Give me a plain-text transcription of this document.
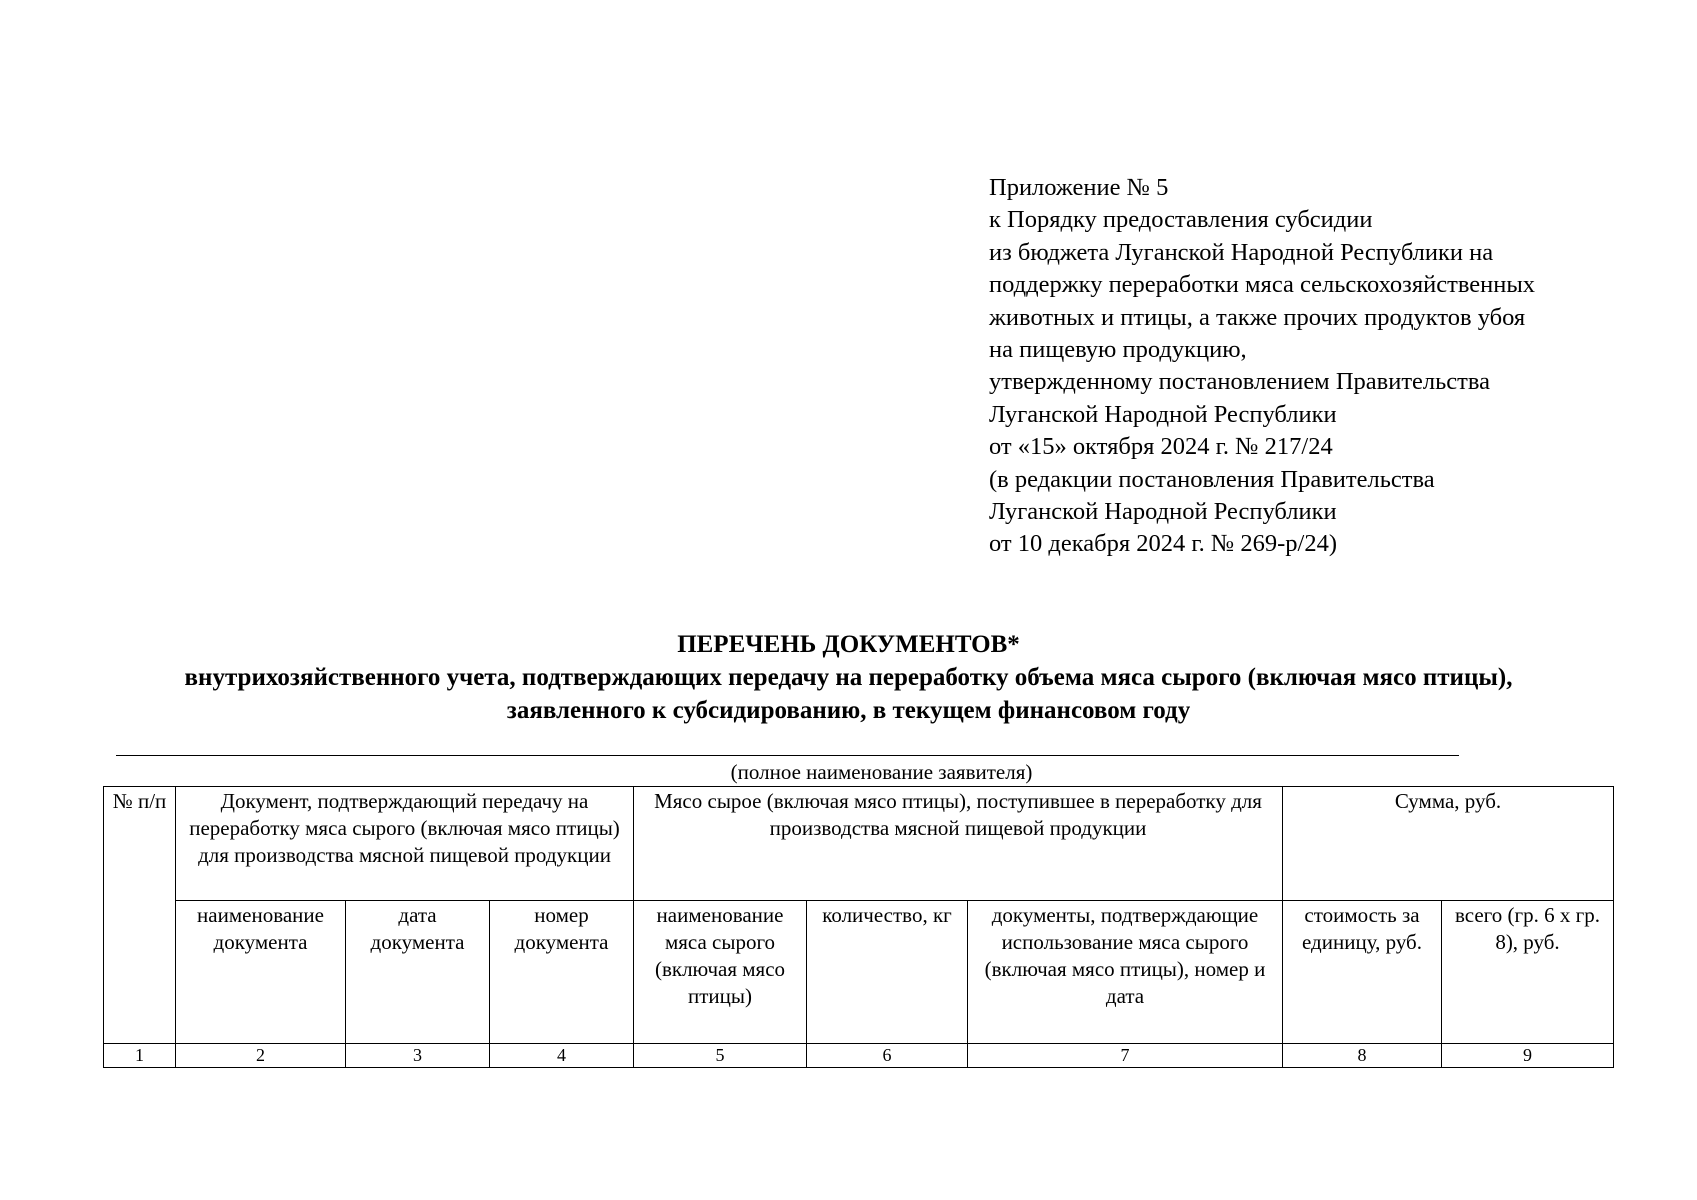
Приложение № 5
к Порядку предоставления субсидии
из бюджета Луганской Народной Республики на
поддержку переработки мяса сельскохозяйственных
животных и птицы, а также прочих продуктов убоя
на пищевую продукцию,
утвержденному постановлением Правительства
Луганской Народной Республики
от «15» октября 2024 г. № 217/24
(в редакции постановления Правительства
Луганской Народной Республики
от 10 декабря 2024 г. № 269-р/24)
ПЕРЕЧЕНЬ ДОКУМЕНТОВ*
внутрихозяйственного учета, подтверждающих передачу на переработку объема мяса сырого (включая мясо птицы),
заявленного к субсидированию, в текущем финансовом году
(полное наименование заявителя)
№ п/п	Документ, подтверждающий передачу на переработку мяса сырого (включая мясо птицы) для производства мясной пищевой продукции			Мясо сырое (включая мясо птицы), поступившее в переработку для производства мясной пищевой продукции			Сумма, руб.	
	наименование документа	дата документа	номер документа	наименование мяса сырого (включая мясо птицы)	количество, кг	документы, подтверждающие использование мяса сырого (включая мясо птицы), номер и дата	стоимость за единицу, руб.	всего (гр. 6 х гр. 8), руб.
1	2	3	4	5	6	7	8	9
